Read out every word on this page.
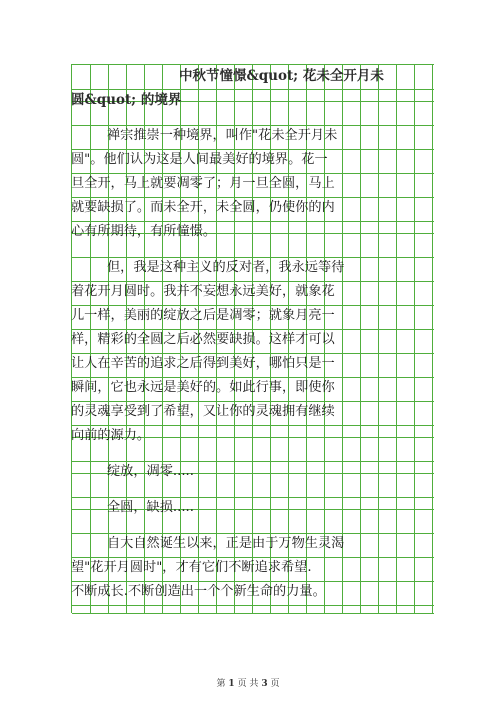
中秋节憧憬&quot; 花未全开月未
圆&quot; 的境界
禅宗推崇一种境界，叫作"花未全开月未
圆"。他们认为这是人间最美好的境界。花一
旦全开，马上就要凋零了；月一旦全圆，马上
就要缺损了。而未全开，未全圆，仍使你的内
心有所期待，有所憧憬。
但，我是这种主义的反对者，我永远等待
着花开月圆时。我并不妄想永远美好，就象花
儿一样，美丽的绽放之后是凋零；就象月亮一
样，精彩的全圆之后必然要缺损。这样才可以
让人在辛苦的追求之后得到美好，哪怕只是一
瞬间，它也永远是美好的。如此行事，即使你
的灵魂享受到了希望，又让你的灵魂拥有继续
向前的源力。
绽放，凋零.....
全圆，缺损.....
自大自然诞生以来，正是由于万物生灵渴
望"花开月圆时"，才有它们不断追求希望.
不断成长.不断创造出一个个新生命的力量。
第 1 页 共 3 页
